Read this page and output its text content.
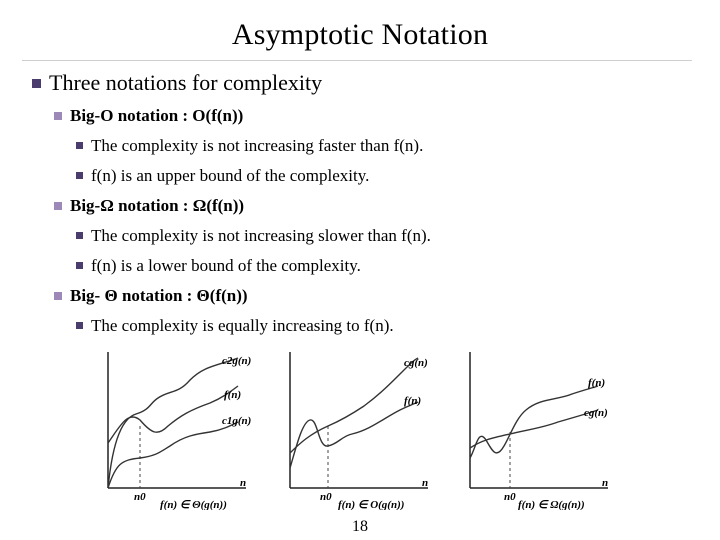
Asymptotic Notation
Three notations for complexity
Big-O notation : O(f(n))
The complexity is not increasing faster than f(n).
f(n) is an upper bound of the complexity.
Big-Ω notation : Ω(f(n))
The complexity is not increasing slower than f(n).
f(n) is a lower bound of the complexity.
Big- Θ notation : Θ(f(n))
The complexity is equally increasing to f(n).
c2g(n)
f(n)
c1g(n)
n
n0
f(n) ∈ Θ(g(n))
cg(n)
f(n)
n
n0
f(n) ∈ O(g(n))
f(n)
cg(n)
n
n0
f(n) ∈ Ω(g(n))
18
